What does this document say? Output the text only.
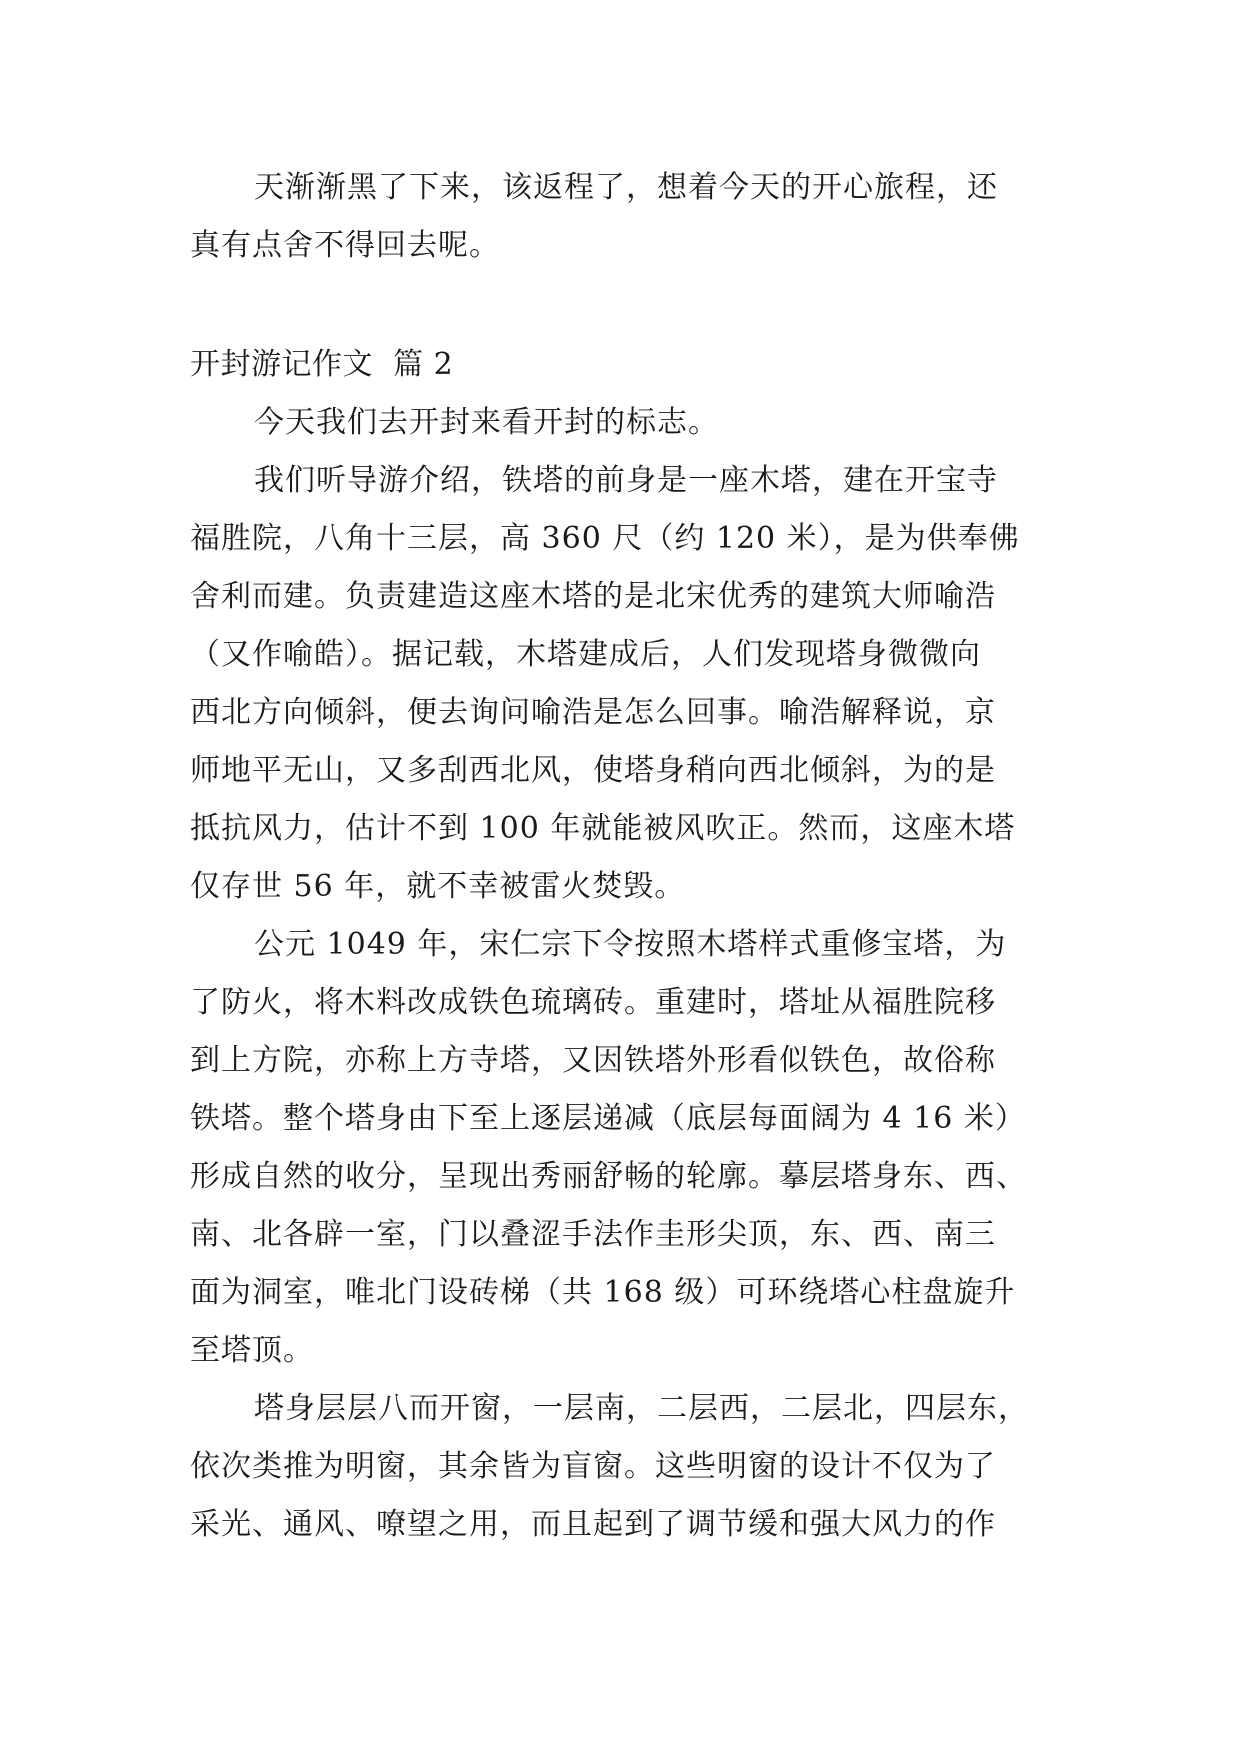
天渐渐黑了下来，该返程了，想着今天的开心旅程，还
真有点舍不得回去呢。
开封游记作文  篇 2
今天我们去开封来看开封的标志。
我们听导游介绍，铁塔的前身是一座木塔，建在开宝寺
福胜院，八角十三层，高 360 尺（约 120 米），是为供奉佛
舍利而建。负责建造这座木塔的是北宋优秀的建筑大师喻浩
（又作喻皓）。据记载，木塔建成后，人们发现塔身微微向
西北方向倾斜，便去询问喻浩是怎么回事。喻浩解释说，京
师地平无山，又多刮西北风，使塔身稍向西北倾斜，为的是
抵抗风力，估计不到 100 年就能被风吹正。然而，这座木塔
仅存世 56 年，就不幸被雷火焚毁。
公元 1049 年，宋仁宗下令按照木塔样式重修宝塔，为
了防火，将木料改成铁色琉璃砖。重建时，塔址从福胜院移
到上方院，亦称上方寺塔，又因铁塔外形看似铁色，故俗称
铁塔。整个塔身由下至上逐层递减（底层每面阔为 4 16 米）
形成自然的收分，呈现出秀丽舒畅的轮廓。摹层塔身东、西、
南、北各辟一室，门以叠涩手法作圭形尖顶，东、西、南三
面为洞室，唯北门设砖梯（共 168 级）可环绕塔心柱盘旋升
至塔顶。
塔身层层八而开窗，一层南，二层西，二层北，四层东，
依次类推为明窗，其余皆为盲窗。这些明窗的设计不仅为了
采光、通风、嘹望之用，而且起到了调节缓和强大风力的作
